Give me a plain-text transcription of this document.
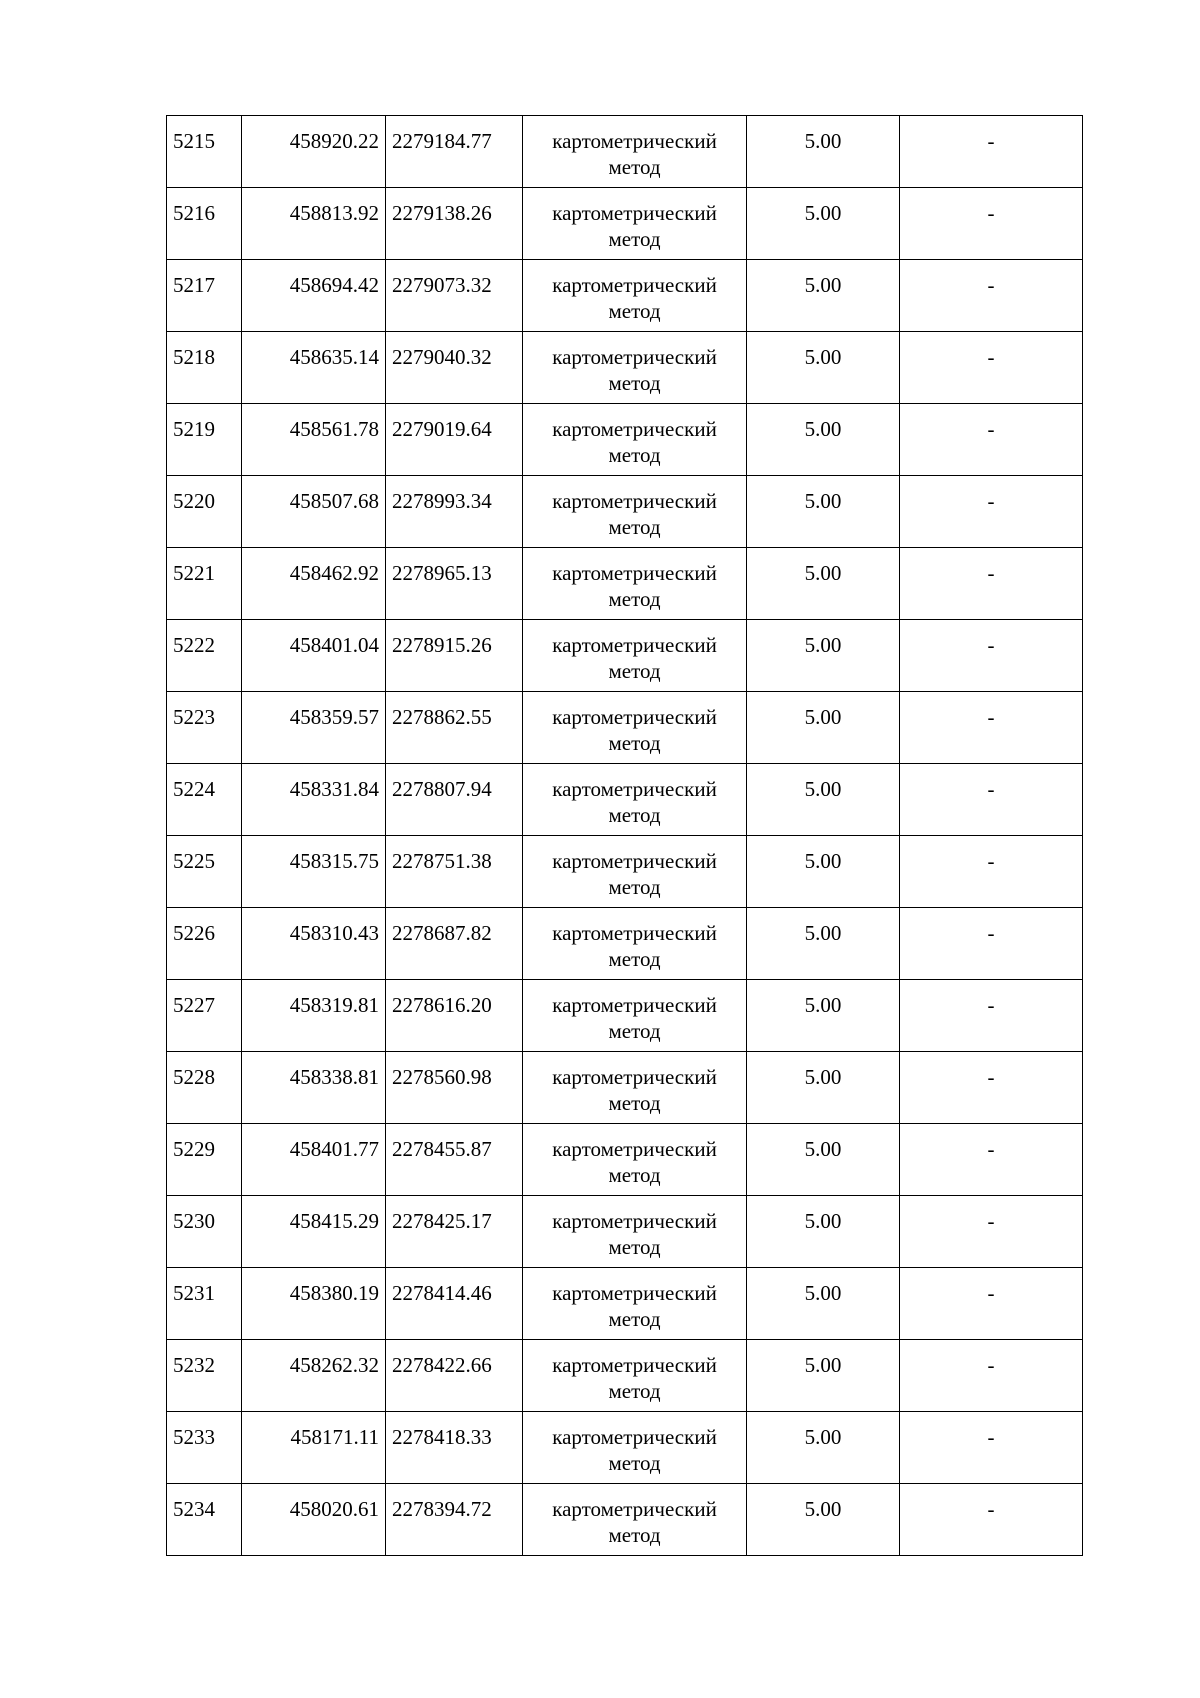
5215	458920.22	2279184.77	картометрический метод	5.00	-
5216	458813.92	2279138.26	картометрический метод	5.00	-
5217	458694.42	2279073.32	картометрический метод	5.00	-
5218	458635.14	2279040.32	картометрический метод	5.00	-
5219	458561.78	2279019.64	картометрический метод	5.00	-
5220	458507.68	2278993.34	картометрический метод	5.00	-
5221	458462.92	2278965.13	картометрический метод	5.00	-
5222	458401.04	2278915.26	картометрический метод	5.00	-
5223	458359.57	2278862.55	картометрический метод	5.00	-
5224	458331.84	2278807.94	картометрический метод	5.00	-
5225	458315.75	2278751.38	картометрический метод	5.00	-
5226	458310.43	2278687.82	картометрический метод	5.00	-
5227	458319.81	2278616.20	картометрический метод	5.00	-
5228	458338.81	2278560.98	картометрический метод	5.00	-
5229	458401.77	2278455.87	картометрический метод	5.00	-
5230	458415.29	2278425.17	картометрический метод	5.00	-
5231	458380.19	2278414.46	картометрический метод	5.00	-
5232	458262.32	2278422.66	картометрический метод	5.00	-
5233	458171.11	2278418.33	картометрический метод	5.00	-
5234	458020.61	2278394.72	картометрический метод	5.00	-
